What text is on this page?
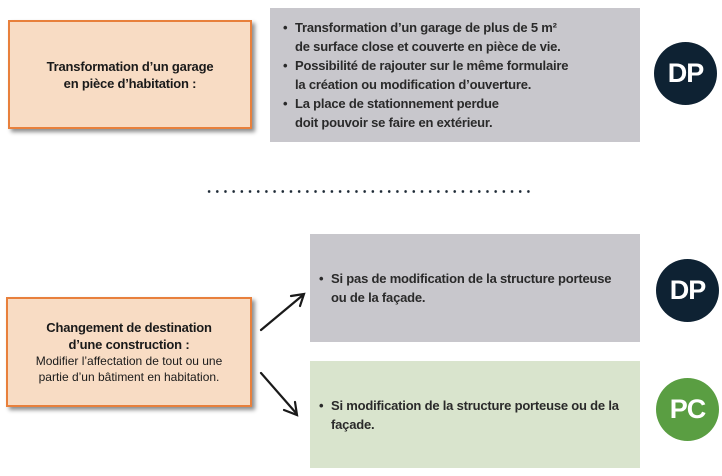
Transformation d’un garage
en pièce d’habitation :
• Transformation d’un garage de plus de 5 m²
de surface close et couverte en pièce de vie.
• Possibilité de rajouter sur le même formulaire
la création ou modification d’ouverture.
• La place de stationnement perdue
doit pouvoir se faire en extérieur.
DP
Changement de destination
d’une construction :
Modifier l’affectation de tout ou une
partie d’un bâtiment en habitation.
• Si pas de modification de la structure porteuse
ou de la façade.	DP
• Si modification de la structure porteuse ou de la
façade.	PC
